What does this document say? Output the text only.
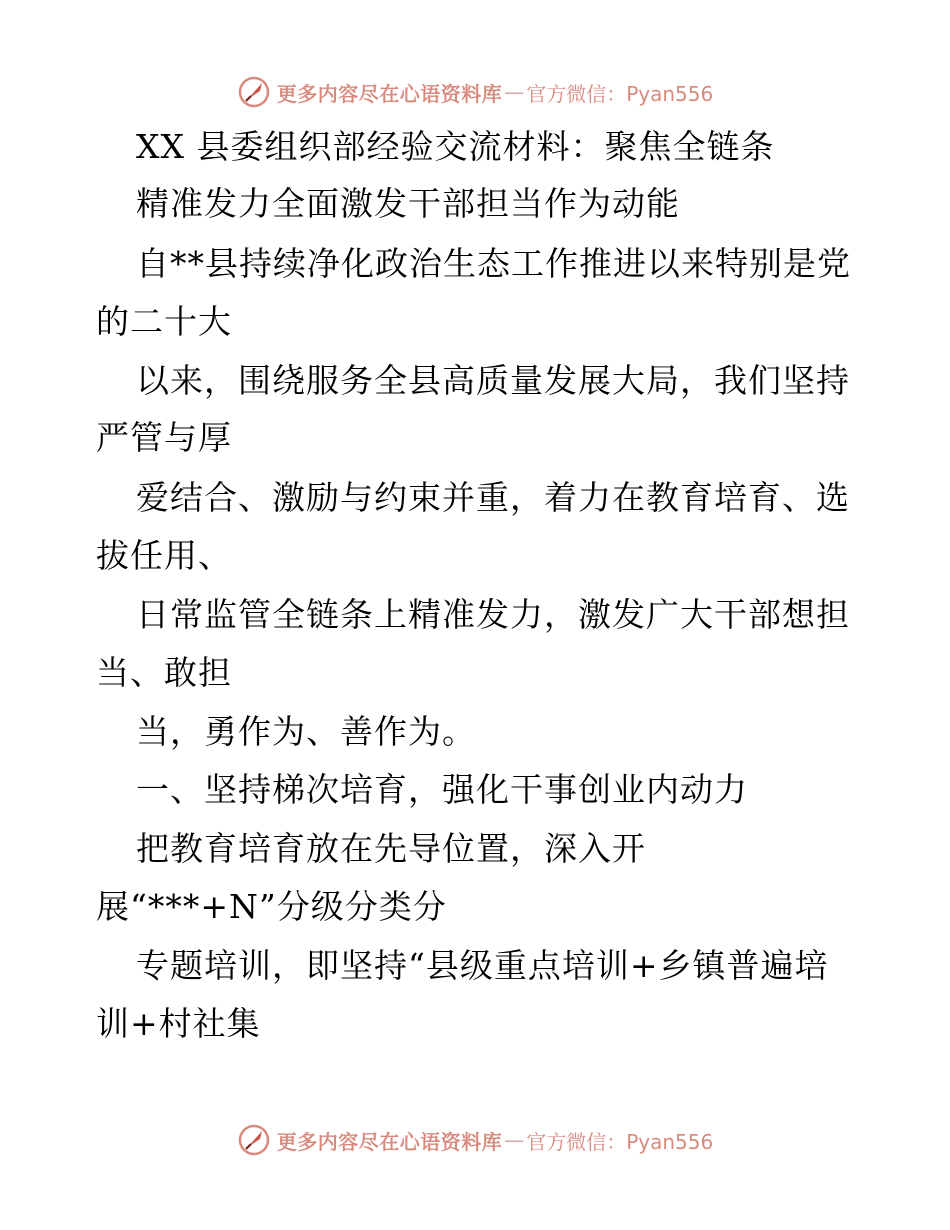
更多内容尽在心语资料库 — 官方微信：Pyan556
XX 县委组织部经验交流材料：聚焦全链条
精准发力全面激发干部担当作为动能
自**县持续净化政治生态工作推进以来特别是党
的二十大
以来，围绕服务全县高质量发展大局，我们坚持
严管与厚
爱结合、激励与约束并重，着力在教育培育、选
拔任用、
日常监管全链条上精准发力，激发广大干部想担
当、敢担
当，勇作为、善作为。
一、坚持梯次培育，强化干事创业内动力
把教育培育放在先导位置，深入开
展“***+N”分级分类分
专题培训，即坚持“县级重点培训+乡镇普遍培
训+村社集
更多内容尽在心语资料库 — 官方微信：Pyan556
